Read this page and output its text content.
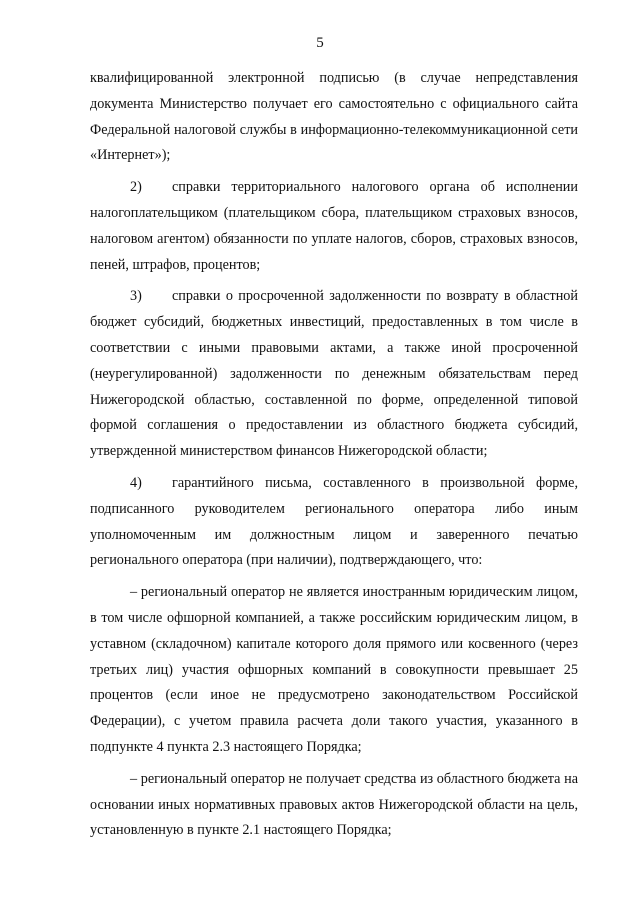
5

квалифицированной электронной подписью (в случае непредставления документа Министерство получает его самостоятельно с официального сайта Федеральной налоговой службы в информационно-телекоммуникационной сети «Интернет»);

2) справки территориального налогового органа об исполнении налогоплательщиком (плательщиком сбора, плательщиком страховых взносов, налоговом агентом) обязанности по уплате налогов, сборов, страховых взносов, пеней, штрафов, процентов;

3) справки о просроченной задолженности по возврату в областной бюджет субсидий, бюджетных инвестиций, предоставленных в том числе в соответствии с иными правовыми актами, а также иной просроченной (неурегулированной) задолженности по денежным обязательствам перед Нижегородской областью, составленной по форме, определенной типовой формой соглашения о предоставлении из областного бюджета субсидий, утвержденной министерством финансов Нижегородской области;

4) гарантийного письма, составленного в произвольной форме, подписанного руководителем регионального оператора либо иным уполномоченным им должностным лицом и заверенного печатью регионального оператора (при наличии), подтверждающего, что:

– региональный оператор не является иностранным юридическим лицом, в том числе офшорной компанией, а также российским юридическим лицом, в уставном (складочном) капитале которого доля прямого или косвенного (через третьих лиц) участия офшорных компаний в совокупности превышает 25 процентов (если иное не предусмотрено законодательством Российской Федерации), с учетом правила расчета доли такого участия, указанного в подпункте 4 пункта 2.3 настоящего Порядка;

– региональный оператор не получает средства из областного бюджета на основании иных нормативных правовых актов Нижегородской области на цель, установленную в пункте 2.1 настоящего Порядка;
